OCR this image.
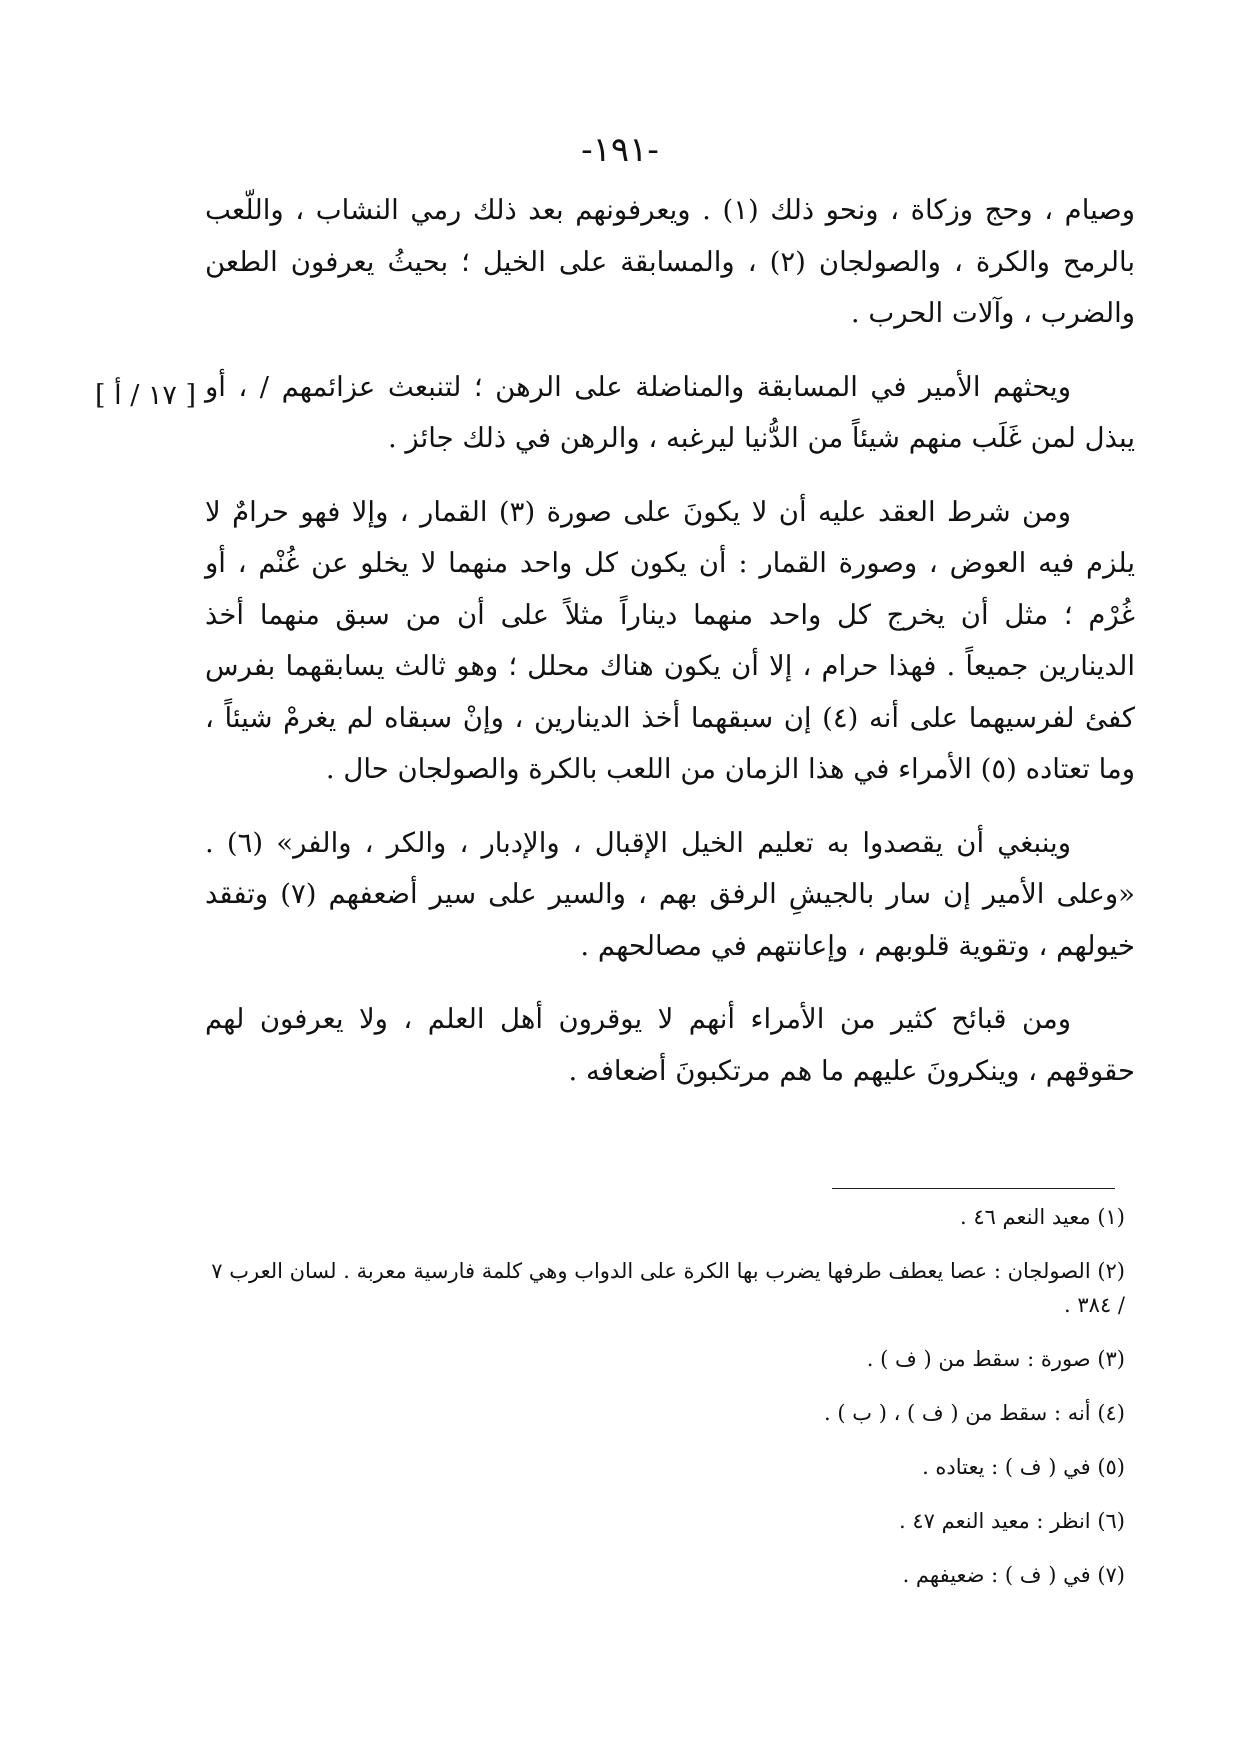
-١٩١-
[ ١٧ / أ ]

وصيام ، وحج وزكاة ، ونحو ذلك (١) . ويعرفونهم بعد ذلك رمي النشاب ، واللّعب بالرمح والكرة ، والصولجان (٢) ، والمسابقة على الخيل ؛ بحيثُ يعرفون الطعن والضرب ، وآلات الحرب .

ويحثهم الأمير في المسابقة والمناضلة على الرهن ؛ لتنبعث عزائمهم / ، أو يبذل لمن غَلَب منهم شيئاً من الدُّنيا ليرغبه ، والرهن في ذلك جائز .

ومن شرط العقد عليه أن لا يكونَ على صورة (٣) القمار ، وإلا فهو حرامٌ لا يلزم فيه العوض ، وصورة القمار : أن يكون كل واحد منهما لا يخلو عن غُنْم ، أو غُرْم ؛ مثل أن يخرج كل واحد منهما ديناراً مثلاً على أن من سبق منهما أخذ الدينارين جميعاً . فهذا حرام ، إلا أن يكون هناك محلل ؛ وهو ثالث يسابقهما بفرس كفئ لفرسيهما على أنه (٤) إن سبقهما أخذ الدينارين ، وإنْ سبقاه لم يغرمْ شيئاً ، وما تعتاده (٥) الأمراء في هذا الزمان من اللعب بالكرة والصولجان حال .

وينبغي أن يقصدوا به تعليم الخيل الإقبال ، والإدبار ، والكر ، والفر» (٦) . «وعلى الأمير إن سار بالجيشِ الرفق بهم ، والسير على سير أضعفهم (٧) وتفقد خيولهم ، وتقوية قلوبهم ، وإعانتهم في مصالحهم .

ومن قبائح كثير من الأمراء أنهم لا يوقرون أهل العلم ، ولا يعرفون لهم حقوقهم ، وينكرونَ عليهم ما هم مرتكبونَ أضعافه .

(١) معيد النعم ٤٦ .

(٢) الصولجان : عصا يعطف طرفها يضرب بها الكرة على الدواب وهي كلمة فارسية معربة . لسان العرب ٧ / ٣٨٤ .

(٣) صورة : سقط من ( ف ) .

(٤) أنه : سقط من ( ف ) ، ( ب ) .

(٥) في ( ف ) : يعتاده .

(٦) انظر : معيد النعم ٤٧ .

(٧) في ( ف ) : ضعيفهم .
